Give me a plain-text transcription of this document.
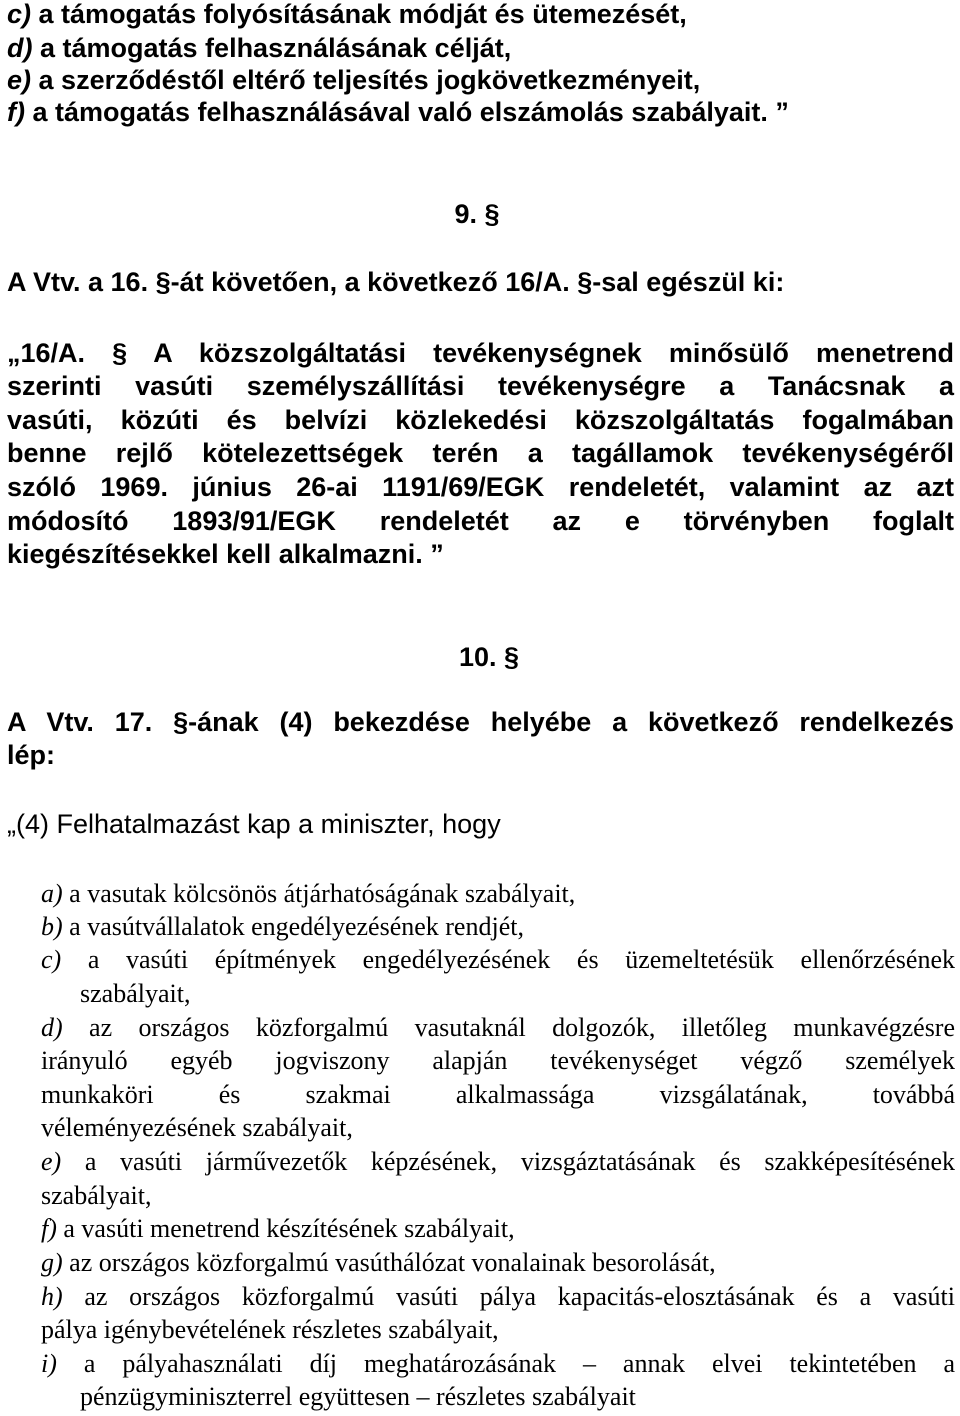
c) a támogatás folyósításának módját és ütemezését,
d) a támogatás felhasználásának célját,
e) a szerződéstől eltérő teljesítés jogkövetkezményeit,
f) a támogatás felhasználásával való elszámolás szabályait. ”
9. §
A Vtv. a 16. §-át követően, a következő 16/A. §-sal egészül ki:
„16/A. § A közszolgáltatási tevékenységnek minősülő menetrend
szerinti vasúti személyszállítási tevékenységre a Tanácsnak a
vasúti, közúti és belvízi közlekedési közszolgáltatás fogalmában
benne rejlő kötelezettségek terén a tagállamok tevékenységéről
szóló 1969. június 26-ai 1191/69/EGK rendeletét, valamint az azt
módosító 1893/91/EGK rendeletét az e törvényben foglalt
kiegészítésekkel kell alkalmazni. ”
10. §
A Vtv. 17. §-ának (4) bekezdése helyébe a következő rendelkezés
lép:
„(4) Felhatalmazást kap a miniszter, hogy
a) a vasutak kölcsönös átjárhatóságának szabályait,
b) a vasútvállalatok engedélyezésének rendjét,
c) a vasúti építmények engedélyezésének és üzemeltetésük ellenőrzésének
szabályait,
d) az országos közforgalmú vasutaknál dolgozók, illetőleg munkavégzésre
irányuló egyéb jogviszony alapján tevékenységet végző személyek
munkaköri és szakmai alkalmassága vizsgálatának, továbbá
véleményezésének szabályait,
e) a vasúti járművezetők képzésének, vizsgáztatásának és szakképesítésének
szabályait,
f) a vasúti menetrend készítésének szabályait,
g) az országos közforgalmú vasúthálózat vonalainak besorolását,
h) az országos közforgalmú vasúti pálya kapacitás-elosztásának és a vasúti
pálya igénybevételének részletes szabályait,
i) a pályahasználati díj meghatározásának – annak elvei tekintetében a
pénzügyminiszterrel együttesen – részletes szabályait
